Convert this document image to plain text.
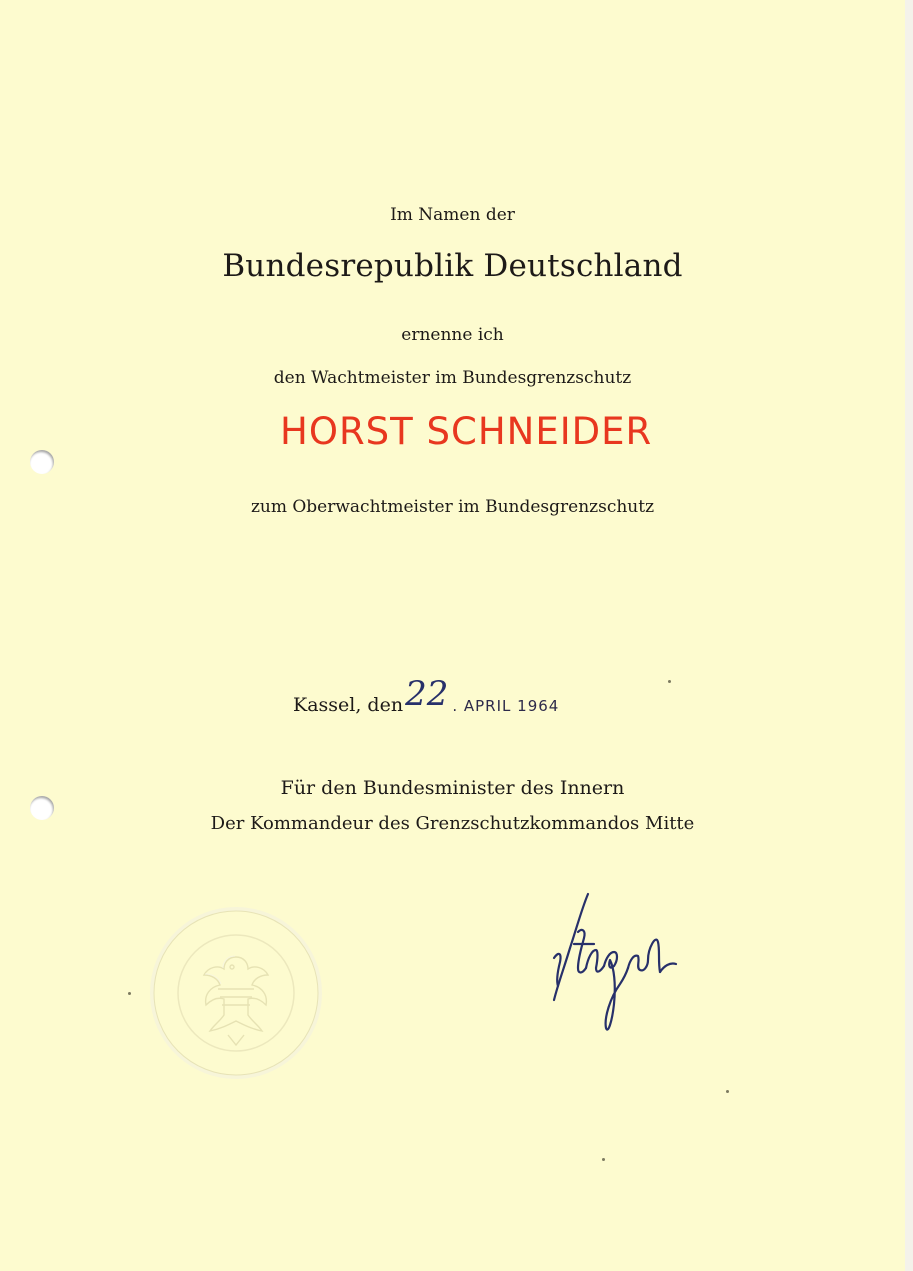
Im Namen der
Bundesrepublik Deutschland
ernenne ich
den Wachtmeister im Bundesgrenzschutz
HORST SCHNEIDER
zum Oberwachtmeister im Bundesgrenzschutz
Kassel, den22 . APRIL 1964
Für den Bundesminister des Innern
Der Kommandeur des Grenzschutzkommandos Mitte
